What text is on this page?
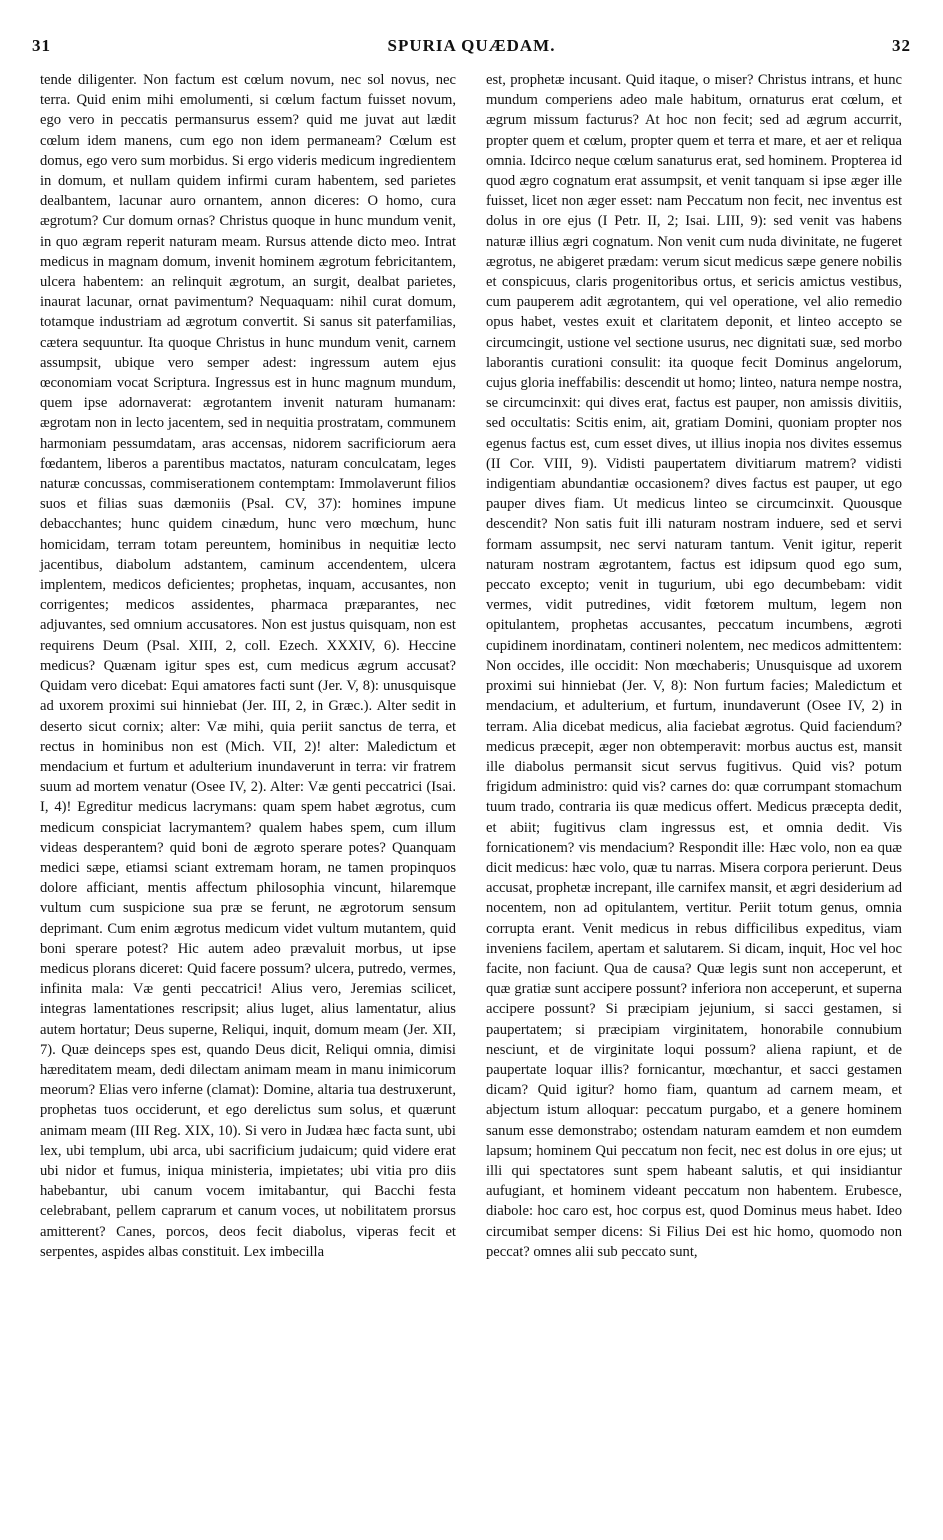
31	SPURIA QUÆDAM.	32

tende diligenter. Non factum est cœlum novum, nec sol novus, nec terra. Quid enim mihi emolumenti, si cœlum factum fuisset novum, ego vero in peccatis permansurus essem? quid me juvat aut lædit cœlum idem manens, cum ego non idem permaneam? Cœlum est domus, ego vero sum morbidus. Si ergo videris medicum ingredientem in domum, et nullam quidem infirmi curam habentem, sed parietes dealbantem, lacunar auro ornantem, annon diceres: O homo, cura ægrotum? Cur domum ornas? Christus quoque in hunc mundum venit, in quo ægram reperit naturam meam. Rursus attende dicto meo. Intrat medicus in magnam domum, invenit hominem ægrotum febricitantem, ulcera habentem: an relinquit ægrotum, an surgit, dealbat parietes, inaurat lacunar, ornat pavimentum? Nequaquam: nihil curat domum, totamque industriam ad ægrotum convertit. Si sanus sit paterfamilias, cætera sequuntur. Ita quoque Christus in hunc mundum venit, carnem assumpsit, ubique vero semper adest: ingressum autem ejus œconomiam vocat Scriptura. Ingressus est in hunc magnum mundum, quem ipse adornaverat: ægrotantem invenit naturam humanam: ægrotam non in lecto jacentem, sed in nequitia prostratam, communem harmoniam pessumdatam, aras accensas, nidorem sacrificiorum aera fœdantem, liberos a parentibus mactatos, naturam conculcatam, leges naturæ concussas, commiserationem contemptam: Immolaverunt filios suos et filias suas dæmoniis (Psal. CV, 37): homines impune debacchantes; hunc quidem cinædum, hunc vero mœchum, hunc homicidam, terram totam pereuntem, hominibus in nequitiæ lecto jacentibus, diabolum adstantem, caminum accendentem, ulcera implentem, medicos deficientes; prophetas, inquam, accusantes, non corrigentes; medicos assidentes, pharmaca præparantes, nec adjuvantes, sed omnium accusatores. Non est justus quisquam, non est requirens Deum (Psal. XIII, 2, coll. Ezech. XXXIV, 6). Heccine medicus? Quænam igitur spes est, cum medicus ægrum accusat? Quidam vero dicebat: Equi amatores facti sunt (Jer. V, 8): unusquisque ad uxorem proximi sui hinniebat (Jer. III, 2, in Græc.). Alter sedit in deserto sicut cornix; alter: Væ mihi, quia periit sanctus de terra, et rectus in hominibus non est (Mich. VII, 2)! alter: Maledictum et mendacium et furtum et adulterium inundaverunt in terra: vir fratrem suum ad mortem venatur (Osee IV, 2). Alter: Væ genti peccatrici (Isai. I, 4)! Egreditur medicus lacrymans: quam spem habet ægrotus, cum medicum conspiciat lacrymantem? qualem habes spem, cum illum videas desperantem? quid boni de ægroto sperare potes? Quanquam medici sæpe, etiamsi sciant extremam horam, ne tamen propinquos dolore afficiant, mentis affectum philosophia vincunt, hilaremque vultum cum suspicione sua præ se ferunt, ne ægrotorum sensum deprimant. Cum enim ægrotus medicum videt vultum mutantem, quid boni sperare potest? Hic autem adeo prævaluit morbus, ut ipse medicus plorans diceret: Quid facere possum? ulcera, putredo, vermes, infinita mala: Væ genti peccatrici! Alius vero, Jeremias scilicet, integras lamentationes rescripsit; alius luget, alius lamentatur, alius autem hortatur; Deus superne, Reliqui, inquit, domum meam (Jer. XII, 7). Quæ deinceps spes est, quando Deus dicit, Reliqui omnia, dimisi hæreditatem meam, dedi dilectam animam meam in manu inimicorum meorum? Elias vero inferne (clamat): Domine, altaria tua destruxerunt, prophetas tuos occiderunt, et ego derelictus sum solus, et quærunt animam meam (III Reg. XIX, 10). Si vero in Judæa hæc facta sunt, ubi lex, ubi templum, ubi arca, ubi sacrificium judaicum; quid videre erat ubi nidor et fumus, iniqua ministeria, impietates; ubi vitia pro diis habebantur, ubi canum vocem imitabantur, qui Bacchi festa celebrabant, pellem caprarum et canum voces, ut nobilitatem prorsus amitterent? Canes, porcos, deos fecit diabolus, viperas fecit et serpentes, aspides albas constituit. Lex imbecilla

est, prophetæ incusant. Quid itaque, o miser? Christus intrans, et hunc mundum comperiens adeo male habitum, ornaturus erat cœlum, et ægrum missum facturus? At hoc non fecit; sed ad ægrum accurrit, propter quem et cœlum, propter quem et terra et mare, et aer et reliqua omnia. Idcirco neque cœlum sanaturus erat, sed hominem. Propterea id quod ægro cognatum erat assumpsit, et venit tanquam si ipse æger ille fuisset, licet non æger esset: nam Peccatum non fecit, nec inventus est dolus in ore ejus (I Petr. II, 2; Isai. LIII, 9): sed venit vas habens naturæ illius ægri cognatum. Non venit cum nuda divinitate, ne fugeret ægrotus, ne abigeret prædam: verum sicut medicus sæpe genere nobilis et conspicuus, claris progenitoribus ortus, et sericis amictus vestibus, cum pauperem adit ægrotantem, qui vel operatione, vel alio remedio opus habet, vestes exuit et claritatem deponit, et linteo accepto se circumcingit, ustione vel sectione usurus, nec dignitati suæ, sed morbo laborantis curationi consulit: ita quoque fecit Dominus angelorum, cujus gloria ineffabilis: descendit ut homo; linteo, natura nempe nostra, se circumcinxit: qui dives erat, factus est pauper, non amissis divitiis, sed occultatis: Scitis enim, ait, gratiam Domini, quoniam propter nos egenus factus est, cum esset dives, ut illius inopia nos divites essemus (II Cor. VIII, 9). Vidisti paupertatem divitiarum matrem? vidisti indigentiam abundantiæ occasionem? dives factus est pauper, ut ego pauper dives fiam. Ut medicus linteo se circumcinxit. Quousque descendit? Non satis fuit illi naturam nostram induere, sed et servi formam assumpsit, nec servi naturam tantum. Venit igitur, reperit naturam nostram ægrotantem, factus est idipsum quod ego sum, peccato excepto; venit in tugurium, ubi ego decumbebam: vidit vermes, vidit putredines, vidit fœtorem multum, legem non opitulantem, prophetas accusantes, peccatum incumbens, ægroti cupidinem inordinatam, contineri nolentem, nec medicos admittentem: Non occides, ille occidit: Non mœchaberis; Unusquisque ad uxorem proximi sui hinniebat (Jer. V, 8): Non furtum facies; Maledictum et mendacium, et adulterium, et furtum, inundaverunt (Osee IV, 2) in terram. Alia dicebat medicus, alia faciebat ægrotus. Quid faciendum? medicus præcepit, æger non obtemperavit: morbus auctus est, mansit ille diabolus permansit sicut servus fugitivus. Quid vis? potum frigidum administro: quid vis? carnes do: quæ corrumpant stomachum tuum trado, contraria iis quæ medicus offert. Medicus præcepta dedit, et abiit; fugitivus clam ingressus est, et omnia dedit. Vis fornicationem? vis mendacium? Respondit ille: Hæc volo, non ea quæ dicit medicus: hæc volo, quæ tu narras. Misera corpora perierunt. Deus accusat, prophetæ increpant, ille carnifex mansit, et ægri desiderium ad nocentem, non ad opitulantem, vertitur. Periit totum genus, omnia corrupta erant. Venit medicus in rebus difficilibus expeditus, viam inveniens facilem, apertam et salutarem. Si dicam, inquit, Hoc vel hoc facite, non faciunt. Qua de causa? Quæ legis sunt non acceperunt, et quæ gratiæ sunt accipere possunt? inferiora non acceperunt, et superna accipere possunt? Si præcipiam jejunium, si sacci gestamen, si paupertatem; si præcipiam virginitatem, honorabile connubium nesciunt, et de virginitate loqui possum? aliena rapiunt, et de paupertate loquar illis? fornicantur, mœchantur, et sacci gestamen dicam? Quid igitur? homo fiam, quantum ad carnem meam, et abjectum istum alloquar: peccatum purgabo, et a genere hominem sanum esse demonstrabo; ostendam naturam eamdem et non eumdem lapsum; hominem Qui peccatum non fecit, nec est dolus in ore ejus; ut illi qui spectatores sunt spem habeant salutis, et qui insidiantur aufugiant, et hominem videant peccatum non habentem. Erubesce, diabole: hoc caro est, hoc corpus est, quod Dominus meus habet. Ideo circumibat semper dicens: Si Filius Dei est hic homo, quomodo non peccat? omnes alii sub peccato sunt,
